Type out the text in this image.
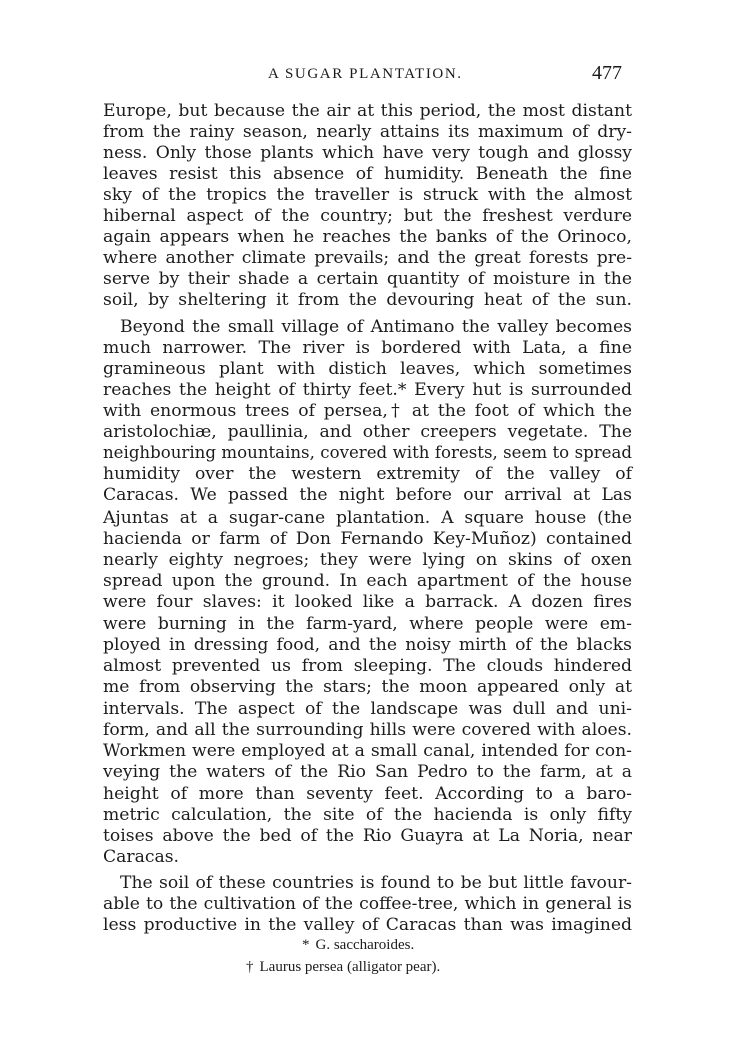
A SUGAR PLANTATION.	477
Europe, but because the air at this period, the most distant
from the rainy season, nearly attains its maximum of dry-
ness. Only those plants which have very tough and glossy
leaves resist this absence of humidity. Beneath the fine
sky of the tropics the traveller is struck with the almost
hibernal aspect of the country; but the freshest verdure
again appears when he reaches the banks of the Orinoco,
where another climate prevails; and the great forests pre-
serve by their shade a certain quantity of moisture in the
soil, by sheltering it from the devouring heat of the sun.
Beyond the small village of Antimano the valley becomes
much narrower. The river is bordered with Lata, a fine
gramineous plant with distich leaves, which sometimes
reaches the height of thirty feet.* Every hut is surrounded
with enormous trees of persea,† at the foot of which the
aristolochiæ, paullinia, and other creepers vegetate. The
neighbouring mountains, covered with forests, seem to spread
humidity over the western extremity of the valley of
Caracas. We passed the night before our arrival at Las
Ajuntas at a sugar-cane plantation. A square house (the
hacienda or farm of Don Fernando Key-Muñoz) contained
nearly eighty negroes; they were lying on skins of oxen
spread upon the ground. In each apartment of the house
were four slaves: it looked like a barrack. A dozen fires
were burning in the farm-yard, where people were em-
ployed in dressing food, and the noisy mirth of the blacks
almost prevented us from sleeping. The clouds hindered
me from observing the stars; the moon appeared only at
intervals. The aspect of the landscape was dull and uni-
form, and all the surrounding hills were covered with aloes.
Workmen were employed at a small canal, intended for con-
veying the waters of the Rio San Pedro to the farm, at a
height of more than seventy feet. According to a baro-
metric calculation, the site of the hacienda is only fifty
toises above the bed of the Rio Guayra at La Noria, near
Caracas.
The soil of these countries is found to be but little favour-
able to the cultivation of the coffee-tree, which in general is
less productive in the valley of Caracas than was imagined
* G. saccharoides.
† Laurus persea (alligator pear).
